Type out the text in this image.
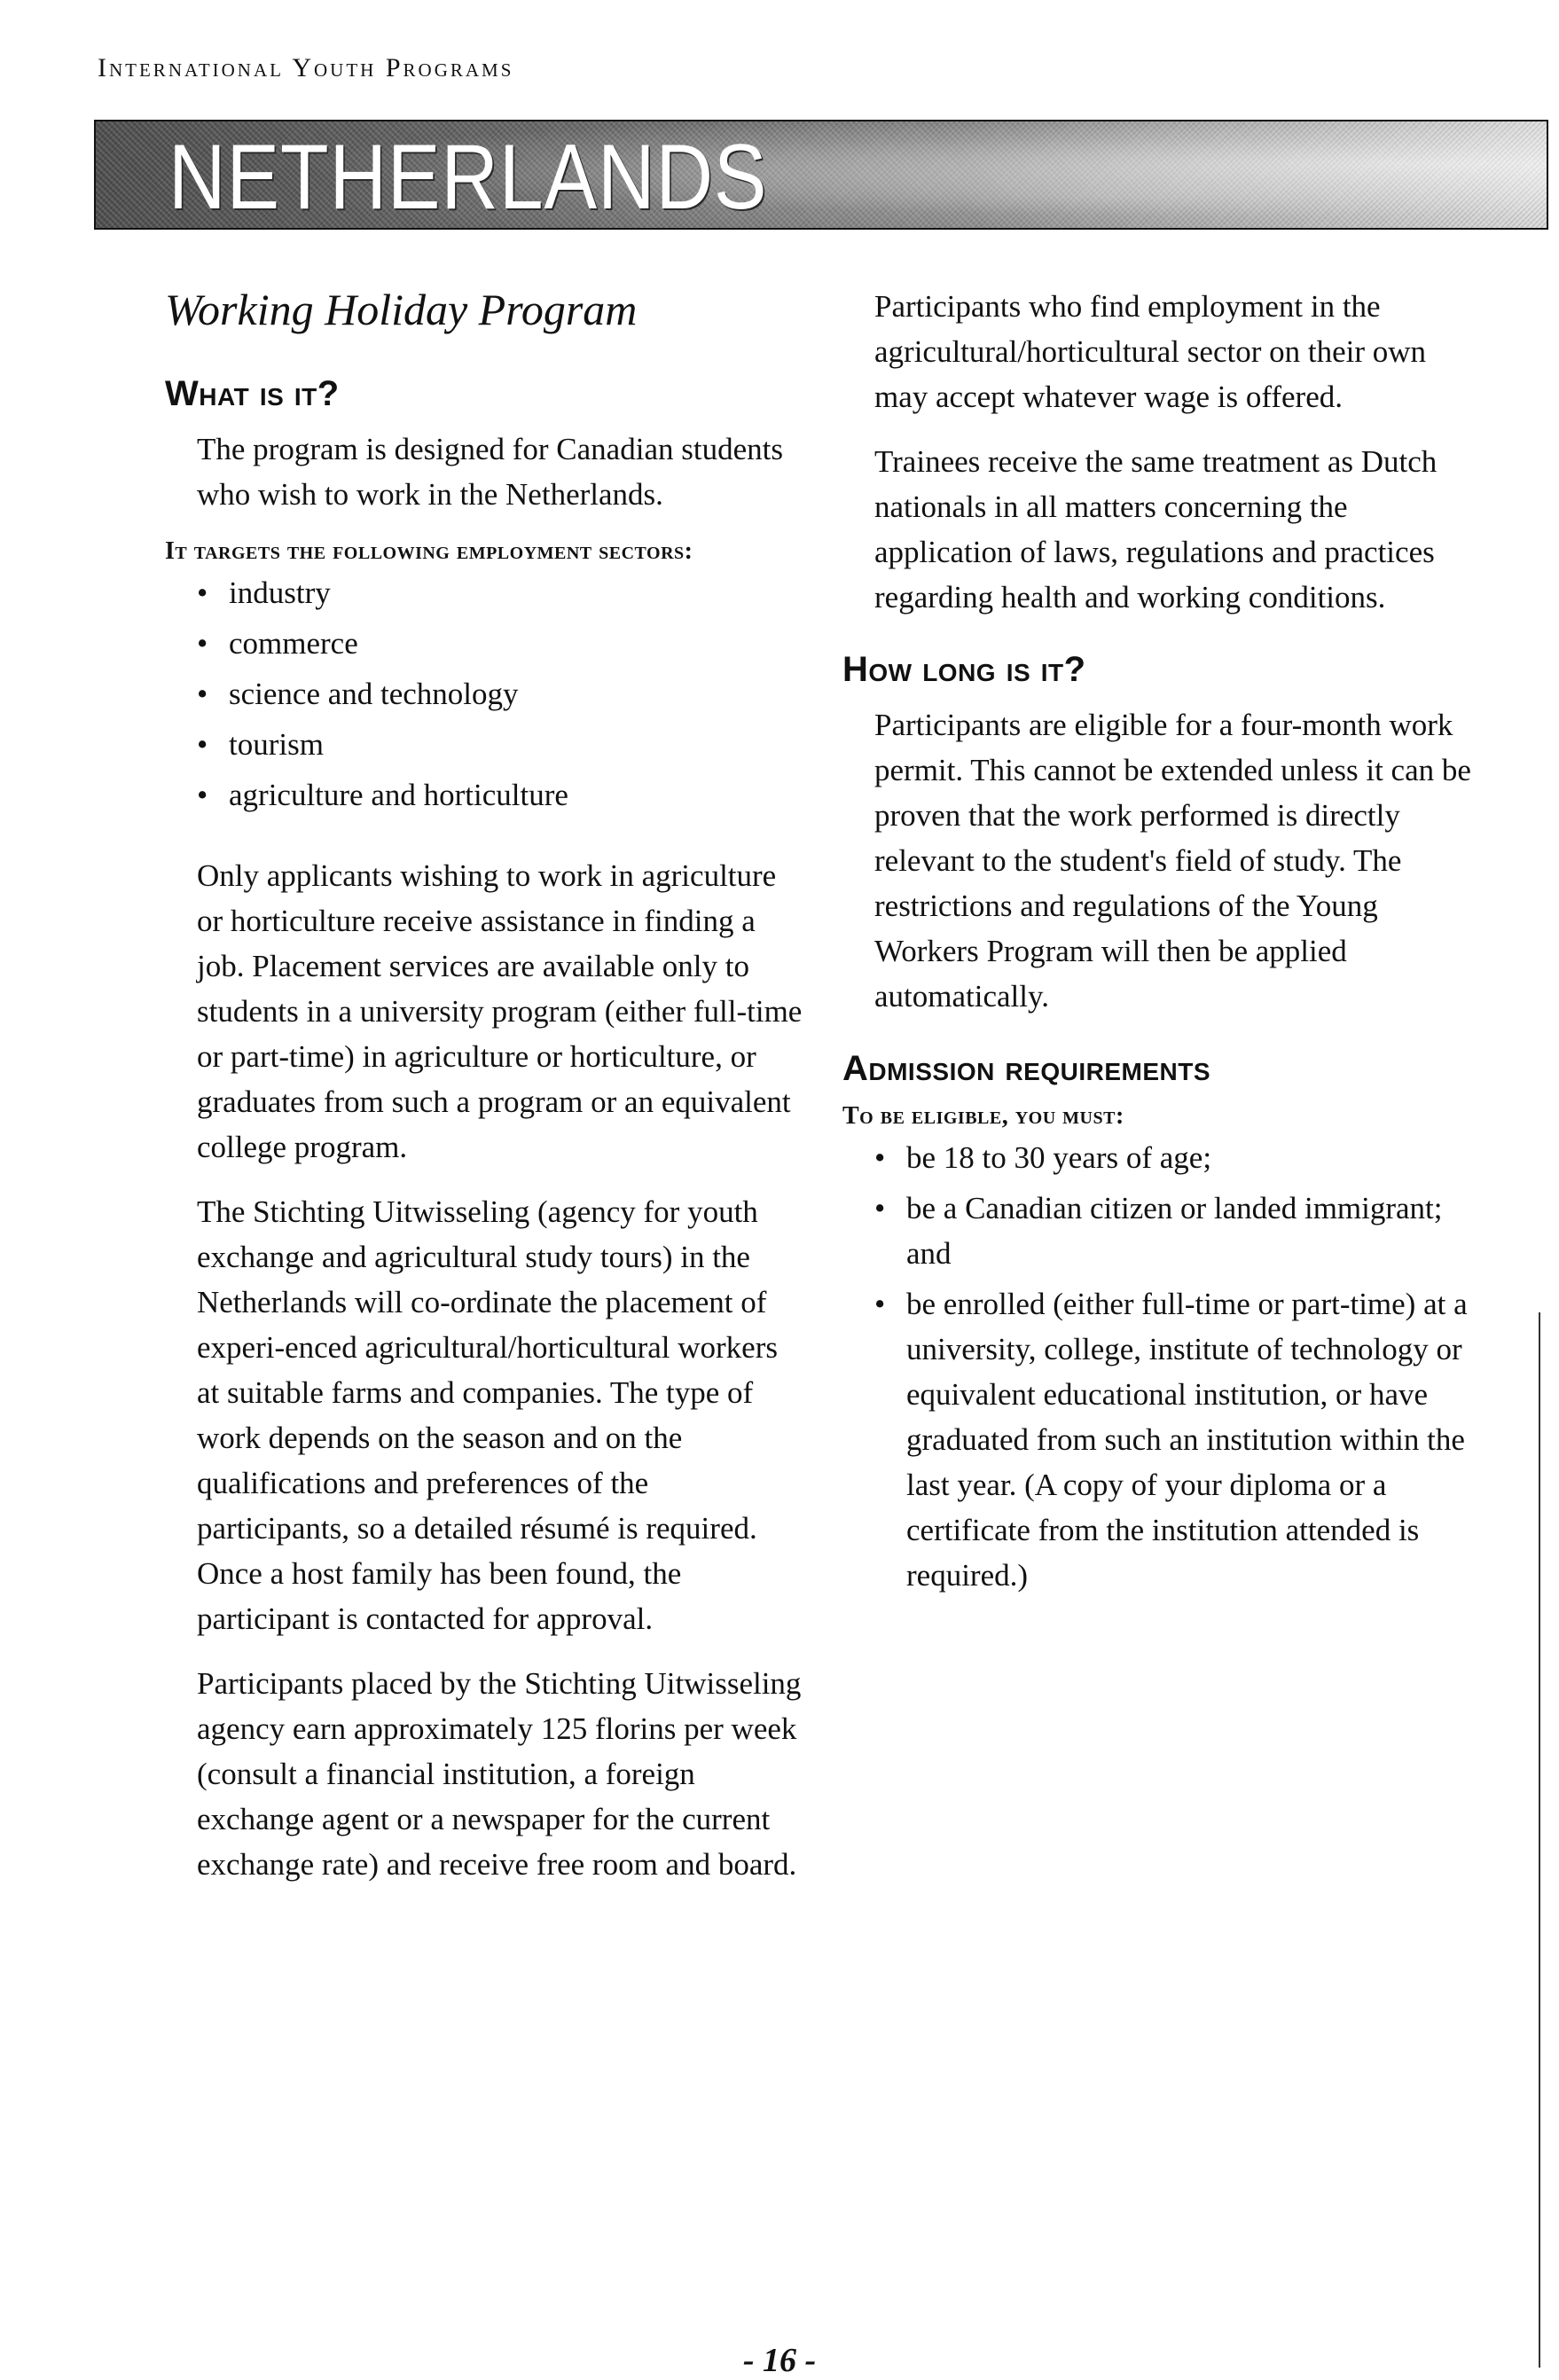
International Youth Programs
NETHERLANDS
Working Holiday Program
What is it?

The program is designed for Canadian students who wish to work in the Netherlands.

It targets the following employment sectors:
• industry
• commerce
• science and technology
• tourism
• agriculture and horticulture

Only applicants wishing to work in agriculture or horticulture receive assistance in finding a job. Placement services are available only to students in a university program (either full-time or part-time) in agriculture or horticulture, or graduates from such a program or an equivalent college program.

The Stichting Uitwisseling (agency for youth exchange and agricultural study tours) in the Netherlands will co-ordinate the placement of experi-enced agricultural/horticultural workers at suitable farms and companies. The type of work depends on the season and on the qualifications and preferences of the participants, so a detailed résumé is required. Once a host family has been found, the participant is contacted for approval.

Participants placed by the Stichting Uitwisseling agency earn approximately 125 florins per week (consult a financial institution, a foreign exchange agent or a newspaper for the current exchange rate) and receive free room and board.

Participants who find employment in the agricultural/horticultural sector on their own may accept whatever wage is offered.

Trainees receive the same treatment as Dutch nationals in all matters concerning the application of laws, regulations and practices regarding health and working conditions.

How long is it?

Participants are eligible for a four-month work permit. This cannot be extended unless it can be proven that the work performed is directly relevant to the student's field of study. The restrictions and regulations of the Young Workers Program will then be applied automatically.

Admission requirements
To be eligible, you must:
• be 18 to 30 years of age;
• be a Canadian citizen or landed immigrant; and
• be enrolled (either full-time or part-time) at a university, college, institute of technology or equivalent educational institution, or have graduated from such an institution within the last year. (A copy of your diploma or a certificate from the institution attended is required.)
- 16 -
